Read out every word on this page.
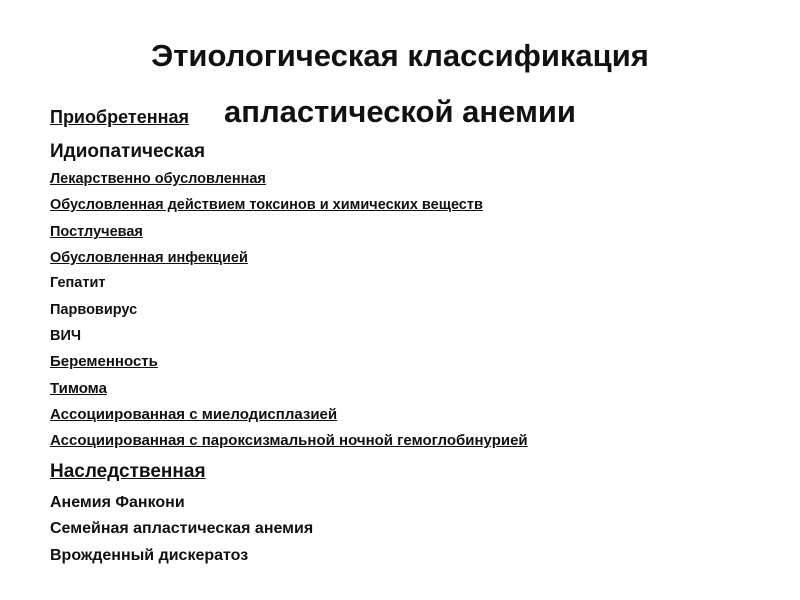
Приобретенная
Этиологическая классификация
апластической анемии
Идиопатическая
Лекарственно обусловленная
Обусловленная действием токсинов и химических веществ
Постлучевая
Обусловленная инфекцией
Гепатит
Парвовирус
ВИЧ
Беременность
Тимома
Ассоциированная с миелодисплазией
Ассоциированная с пароксизмальной ночной гемоглобинурией
Наследственная
Анемия Фанкони
Семейная апластическая анемия
Врожденный дискератоз
